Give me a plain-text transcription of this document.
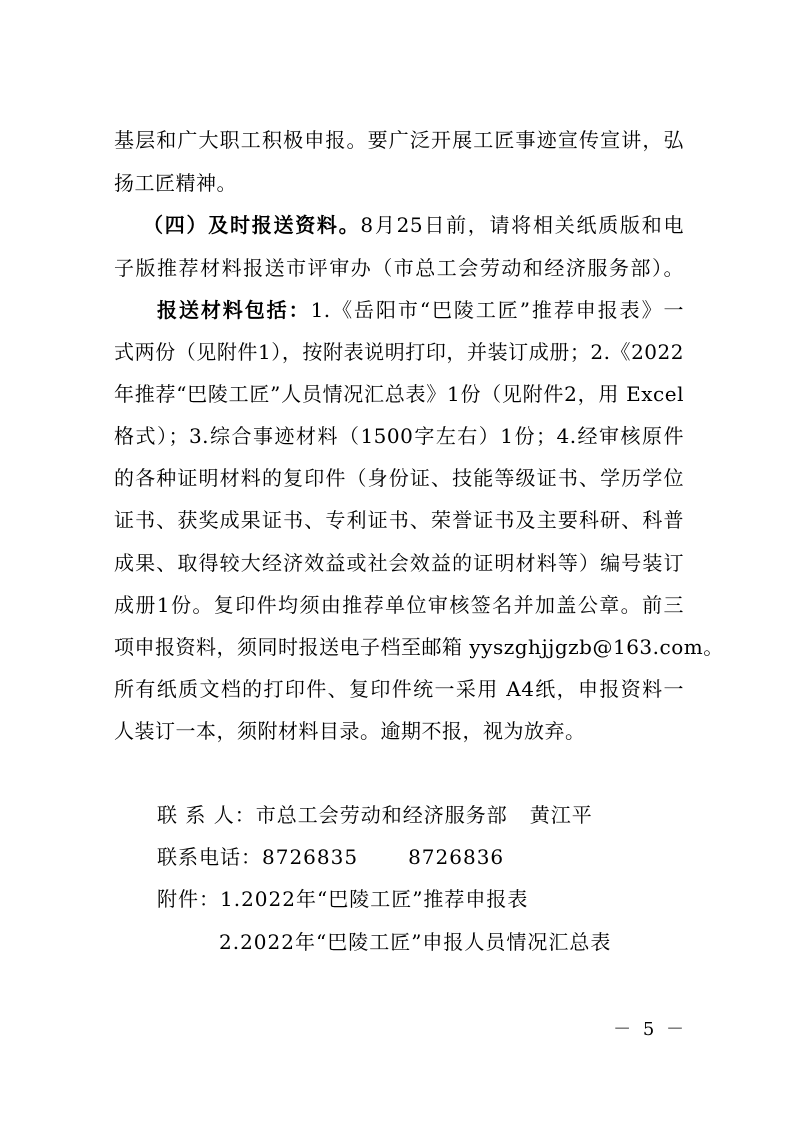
基层和广大职工积极申报。要广泛开展工匠事迹宣传宣讲，弘
扬工匠精神。
（四）及时报送资料。8月25日前，请将相关纸质版和电
子版推荐材料报送市评审办（市总工会劳动和经济服务部）。
报送材料包括：1.《岳阳市“巴陵工匠”推荐申报表》一
式两份（见附件1），按附表说明打印，并装订成册；2.《2022
年推荐“巴陵工匠”人员情况汇总表》1份（见附件2，用 Excel
格式）；3.综合事迹材料（1500字左右）1份；4.经审核原件
的各种证明材料的复印件（身份证、技能等级证书、学历学位
证书、获奖成果证书、专利证书、荣誉证书及主要科研、科普
成果、取得较大经济效益或社会效益的证明材料等）编号装订
成册1份。复印件均须由推荐单位审核签名并加盖公章。前三
项申报资料，须同时报送电子档至邮箱 yyszghjjgzb@163.com。
所有纸质文档的打印件、复印件统一采用 A4纸，申报资料一
人装订一本，须附材料目录。逾期不报，视为放弃。
联 系 人：市总工会劳动和经济服务部 黄江平
联系电话：8726835	8726836
附件：1.2022年“巴陵工匠”推荐申报表
2.2022年“巴陵工匠”申报人员情况汇总表
－ 5 －
